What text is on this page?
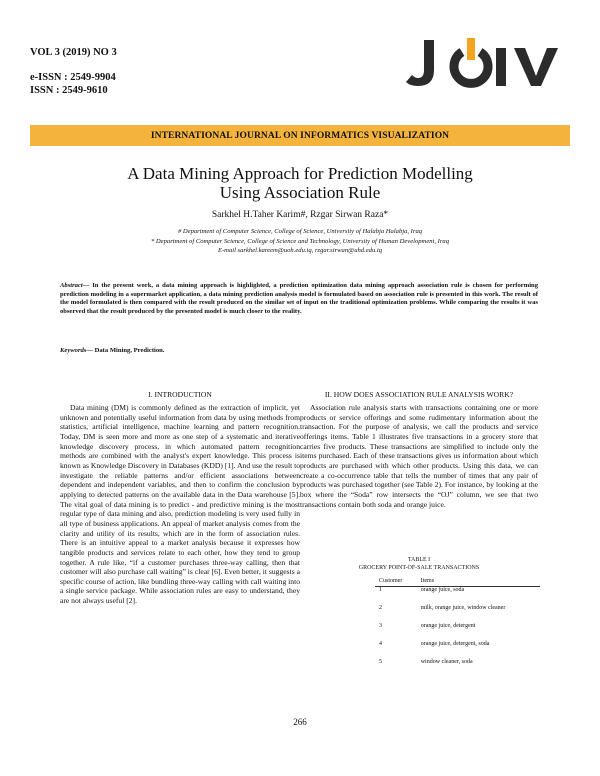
VOL 3 (2019) NO 3
e-ISSN : 2549-9904
ISSN : 2549-9610
JOIV
INTERNATIONAL JOURNAL ON INFORMATICS VISUALIZATION
A Data Mining Approach for Prediction Modelling
Using Association Rule
Sarkhel H.Taher Karim#, Rzgar Sirwan Raza*
# Department of Computer Science, College of Science, University of Halabja Halabja, Iraq
* Department of Computer Science, College of Science and Technology, University of Human Development, Iraq
E-mail sarkhel.kareem@uoh.edu.iq, rzgar.sirwan@uhd.edu.iq
Abstract— In the present work, a data mining approach is highlighted, a prediction optimization data mining approach association rule is chosen for performing prediction modeling in a supermarket application, a data mining prediction analysis model is formulated based on association rule is presented in this work. The result of the model formulated is then compared with the result produced on the similar set of input on the traditional optimization problems. While comparing the results it was observed that the result produced by the presented model is much closer to the reality.
Keywords— Data Mining, Prediction.
I. INTRODUCTION

Data mining (DM) is commonly defined as the extraction of implicit, yet unknown and potentially useful information from data by using methods from statistics, artificial intelligence, machine learning and pattern recognition. Today, DM is seen more and more as one step of a systematic and iterative knowledge discovery process, in which automated pattern recognition methods are combined with the analyst's expert knowledge. This process is known as Knowledge Discovery in Databases (KDD) [1]. And use the result to investigate the reliable patterns and/or efficient associations between dependent and independent variables, and then to confirm the conclusion by applying to detected patterns on the available data in the Data warehouse [5]. The vital goal of data mining is to predict - and predictive mining is the most regular type of data mining and also, prediction modeling is very used fully in all type of business applications. An appeal of market analysis comes from the clarity and utility of its results, which are in the form of association rules. There is an intuitive appeal to a market analysis because it expresses how tangible products and services relate to each other, how they tend to group together. A rule like, “if a customer purchases three-way calling, then that customer will also purchase call waiting” is clear [6]. Even better, it suggests a specific course of action, like bundling three-way calling with call waiting into a single service package. While association rules are easy to understand, they are not always useful [2].

II. HOW DOES ASSOCIATION RULE ANALYSIS WORK?

Association rule analysis starts with transactions containing one or more products or service offerings and some rudimentary information about the transaction. For the purpose of analysis, we call the products and service offerings items. Table 1 illustrates five transactions in a grocery store that carries five products. These transactions are simplified to include only the items purchased. Each of these transactions gives us information about which products are purchased with which other products. Using this data, we can create a co-occurrence table that tells the number of times that any pair of products was purchased together (see Table 2). For instance, by looking at the box where the “Soda” row intersects the “OJ” column, we see that two transactions contain both soda and orange juice.

TABLE I
GROCERY POINT-OF-SALE TRANSACTIONS
Customer	Items
1	orange juice, soda
2	milk, orange juice, window cleaner
3	orange juice, detergent
4	orange juice, detergent, soda
5	window cleaner, soda
266
